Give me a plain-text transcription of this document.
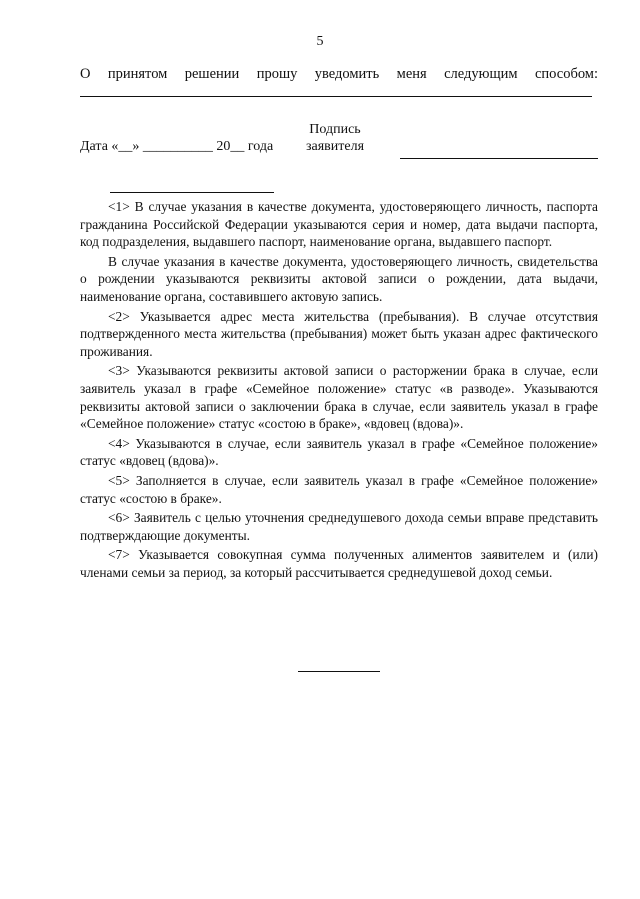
5
О принятом решении прошу уведомить меня следующим способом:
Подпись
заявителя
Дата «__» __________ 20__ года

<1> В случае указания в качестве документа, удостоверяющего личность, паспорта гражданина Российской Федерации указываются серия и номер, дата выдачи паспорта, код подразделения, выдавшего паспорт, наименование органа, выдавшего паспорт.

В случае указания в качестве документа, удостоверяющего личность, свидетельства о рождении указываются реквизиты актовой записи о рождении, дата выдачи, наименование органа, составившего актовую запись.

<2> Указывается адрес места жительства (пребывания). В случае отсутствия подтвержденного места жительства (пребывания) может быть указан адрес фактического проживания.

<3> Указываются реквизиты актовой записи о расторжении брака в случае, если заявитель указал в графе «Семейное положение» статус «в разводе». Указываются реквизиты актовой записи о заключении брака в случае, если заявитель указал в графе «Семейное положение» статус «состою в браке», «вдовец (вдова)».

<4> Указываются в случае, если заявитель указал в графе «Семейное положение» статус «вдовец (вдова)».

<5> Заполняется в случае, если заявитель указал в графе «Семейное положение» статус «состою в браке».

<6> Заявитель с целью уточнения среднедушевого дохода семьи вправе представить подтверждающие документы.

<7> Указывается совокупная сумма полученных алиментов заявителем и (или) членами семьи за период, за который рассчитывается среднедушевой доход семьи.
